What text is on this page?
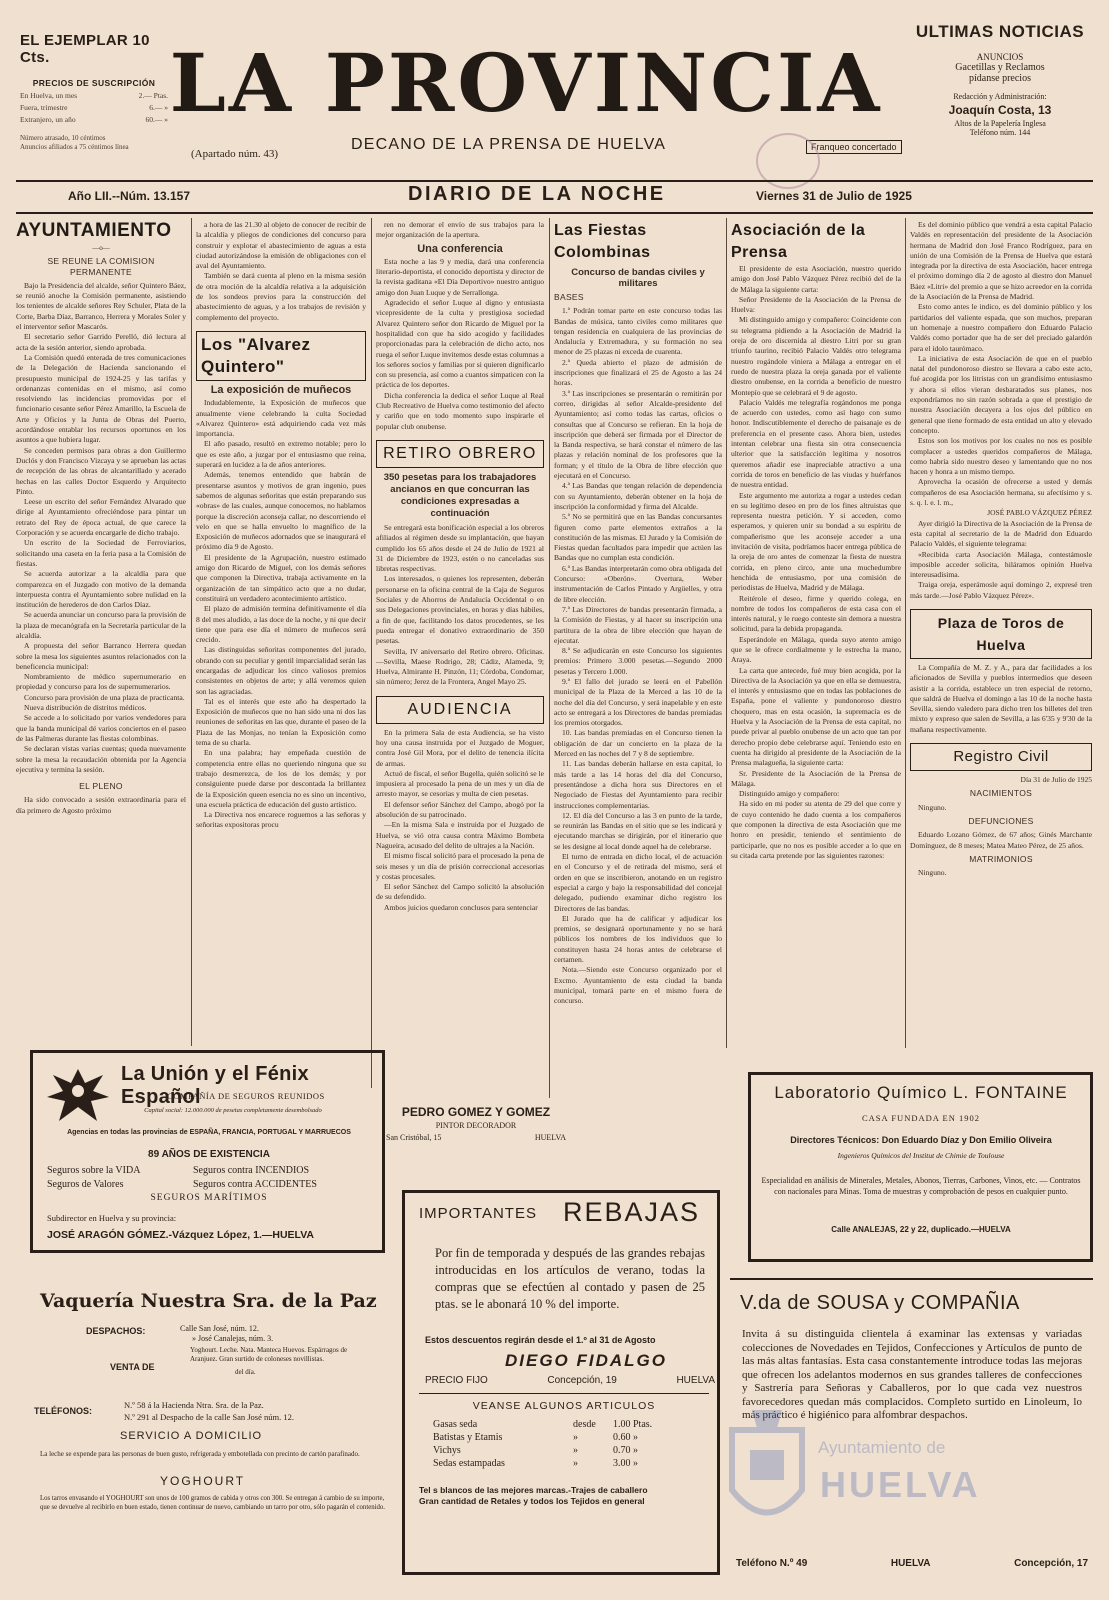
EL EJEMPLAR 10 Cts.
PRECIOS DE SUSCRIPCIÓN
En Huelva, un mes	2.— Ptas.
Fuera, trimestre	6.— »
Extranjero, un año	60.— »
Número atrasado, 10 céntimos
Anuncios afiliados a 75 céntimos línea
LA PROVINCIA
(Apartado núm. 43)
DECANO DE LA PRENSA DE HUELVA	Franqueo concertado
ULTIMAS NOTICIAS
ANUNCIOS
Gacetillas y Reclamos
pídanse precios
Redacción y Administración:
Joaquín Costa, 13
Altos de la Papelería Inglesa
Teléfono núm. 144
Año LII.--Núm. 13.157	DIARIO DE LA NOCHE	Viernes 31 de Julio de 1925
AYUNTAMIENTO
—o—
SE REUNE LA COMISION PERMANENTE

Bajo la Presidencia del alcalde, señor Quintero Báez, se reunió anoche la Comisión permanente, asistiendo los tenientes de alcalde señores Rey Schuler, Plata de la Corte, Barba Díaz, Barranco, Herrera y Morales Soler y el interventor señor Mascarós.

El secretario señor Garrido Perelló, dió lectura al acta de la sesión anterior, siendo aprobada.

La Comisión quedó enterada de tres comunicaciones de la Delegación de Hacienda sancionando el presupuesto municipal de 1924-25 y las tarifas y ordenanzas contenidas en el mismo, así como resolviendo las incidencias promovidas por el funcionario cesante señor Pérez Amarillo, la Escuela de Arte y Oficios y la Junta de Obras del Puerto, acordándose entablar los recursos oportunos en los asuntos a que hubiera lugar.

Se conceden permisos para obras a don Guillermo Duclós y don Francisco Vizcaya y se aprueban las actas de recepción de las obras de alcantarillado y acerado hechas en las calles Doctor Esquerdo y Arquitecto Pinto.

Leese un escrito del señor Fernández Alvarado que dirige al Ayuntamiento ofreciéndose para pintar un retrato del Rey de época actual, de que carece la Corporación y se acuerda encargarle de dicho trabajo.

Un escrito de la Sociedad de Ferroviarios, solicitando una caseta en la feria pasa a la Comisión de fiestas.

Se acuerda autorizar a la alcaldía para que comparezca en el Juzgado con motivo de la demanda interpuesta contra el Ayuntamiento sobre nulidad en la institución de herederos de don Carlos Díaz.

Se acuerda anunciar un concurso para la provisión de la plaza de mecanógrafa en la Secretaría particular de la alcaldía.

A propuesta del señor Barranco Herrera quedan sobre la mesa los siguientes asuntos relacionados con la beneficencia municipal:

Nombramiento de médico supernumerario en propiedad y concurso para los de supernumerarios.

Concurso para provisión de una plaza de practicanta.

Nueva distribución de distritos médicos.

Se accede a lo solicitado por varios vendedores para que la banda municipal dé varios conciertos en el paseo de las Palmeras durante las fiestas colombinas.

Se declaran vistas varias cuentas; queda nuevamente sobre la mesa la recaudación obtenida por la Agencia ejecutiva y termina la sesión.

EL PLENO

Ha sido convocado a sesión extraordinaria para el día primero de Agosto próximo

a hora de las 21.30 al objeto de conocer de recibir de la alcaldía y pliegos de condiciones del concurso para construir y explotar el abastecimiento de aguas a esta ciudad autorizándose la emisión de obligaciones con el aval del Ayuntamiento.

También se dará cuenta al pleno en la misma sesión de otra moción de la alcaldía relativa a la adquisición de los sondeos previos para la construcción del abastecimiento de aguas, y a los trabajos de revisión y complemento del proyecto.

Los "Alvarez Quintero"
La exposición de muñecos

Indudablemente, la Exposición de muñecos que anualmente viene celebrando la culta Sociedad «Alvarez Quintero» está adquiriendo cada vez más importancia.

El año pasado, resultó en extremo notable; pero lo que es este año, a juzgar por el entusiasmo que reina, superará en lucidez a la de años anteriores.

Además, tenemos entendido que habrán de presentarse asuntos y motivos de gran ingenio, pues sabemos de algunas señoritas que están preparando sus «obras» de las cuales, aunque conocemos, no hablamos porque la discreción aconseja callar, no descorriendo el velo en que se halla envuelto lo magnífico de la Exposición de muñecos adornados que se inaugurará el próximo día 9 de Agosto.

El presidente de la Agrupación, nuestro estimado amigo don Ricardo de Miguel, con los demás señores que componen la Directiva, trabaja activamente en la organización de tan simpático acto que a no dudar, constituirá un verdadero acontecimiento artístico.

El plazo de admisión termina definitivamente el día 8 del mes aludido, a las doce de la noche, y ni que decir tiene que para ese día el número de muñecos será crecido.

Las distinguidas señoritas componentes del jurado, obrando con su peculiar y gentil imparcialidad serán las encargadas de adjudicar los cinco valiosos premios consistentes en objetos de arte; y allá veremos quien son las agraciadas.

Tal es el interés que este año ha despertado la Exposición de muñecos que no han sido una ni dos las reuniones de señoritas en las que, durante el paseo de la Plaza de las Monjas, no tenían la Exposición como tema de su charla.

En una palabra; hay empeñada cuestión de competencia entre ellas no queriendo ninguna que su trabajo desmerezca, de los de los demás; y por consiguiente puede darse por descontada la brillantez de la Exposición queen esencia no es sino un incentivo, una escuela práctica de educación del gusto artístico.

La Directiva nos encarece roguemos a las señoras y señoritas expositoras procu

ren no demorar el envío de sus trabajos para la mejor organización de la apertura.

Una conferencia

Esta noche a las 9 y media, dará una conferencia literario-deportista, el conocido deportista y director de la revista gaditana «El Día Deportivo» nuestro antiguo amigo don Juan Luque y de Serrallonga.

Agradecido el señor Luque al digno y entusiasta vicepresidente de la culta y prestigiosa sociedad Alvarez Quintero señor don Ricardo de Miguel por la hospitalidad con que ha sido acogido y facilidades proporcionadas para la celebración de dicho acto, nos ruega el señor Luque invitemos desde estas columnas a los señores socios y familias por si quieren dignificarlo con su presencia, así como a cuantos simpaticen con la práctica de los deportes.

Dicha conferencia la dedica el señor Luque al Real Club Recreativo de Huelva como testimonio del afecto y cariño que en todo momento supo inspirarle el popular club onubense.

RETIRO OBRERO
350 pesetas para los trabajadores ancianos en que concurran las condiciones expresadas a continuación

Se entregará esta bonificación especial a los obreros afiliados al régimen desde su implantación, que hayan cumplido los 65 años desde el 24 de Julio de 1921 al 31 de Diciembre de 1923, estén o no canceladas sus libretas respectivas.

Los interesados, o quienes los representen, deberán personarse en la oficina central de la Caja de Seguros Sociales y de Ahorros de Andalucía Occidental o en sus Delegaciones provinciales, en horas y días hábiles, a fin de que, facilitando los datos procedentes, se les pueda entregar el donativo extraordinario de 350 pesetas.

Sevilla, IV aniversario del Retiro obrero. Oficinas.—Sevilla, Maese Rodrigo, 28; Cádiz, Alameda, 9; Huelva, Almirante H. Pinzón, 11; Córdoba, Condomar, sin número; Jerez de la Frontera, Angel Mayo 25.

AUDIENCIA

En la primera Sala de esta Audiencia, se ha visto hoy una causa instruida por el Juzgado de Moguer, contra José Gil Mora, por el delito de tenencia ilícita de armas.

Actuó de fiscal, el señor Bugella, quién solicitó se le impusiera al procesado la pena de un mes y un día de arresto mayor, se cesorias y multa de cien pesetas.

El defensor señor Sánchez del Campo, abogó por la absolución de su patrocinado.

—En la misma Sala e instruida por el Juzgado de Huelva, se vió otra causa contra Máximo Bombeta Nagueira, acusado del delito de ultrajes a la Nación.

El mismo fiscal solicitó para el procesado la pena de seis meses y un día de prisión correccional accesorias y costas procesales.

El señor Sánchez del Campo solicitó la absolución de su defendido.

Ambos juicios quedaron conclusos para sentenciar

Las Fiestas Colombinas
Concurso de bandas civiles y militares
BASES

1.ª Podrán tomar parte en este concurso todas las Bandas de música, tanto civiles como militares que tengan residencia en cualquiera de las provincias de Andalucía y Extremadura, y su formación no sea menor de 25 plazas ni exceda de cuarenta.

2.ª Queda abierto el plazo de admisión de inscripciones que finalizará el 25 de Agosto a las 24 horas.

3.ª Las inscripciones se presentarán o remitirán por correo, dirigidas al señor Alcalde-presidente del Ayuntamiento; así como todas las cartas, oficios o consultas que al Concurso se refieran. En la hoja de inscripción que deberá ser firmada por el Director de la Banda respectiva, se hará constar el número de las plazas y relación nominal de los profesores que la forman; y el título de la Obra de libre elección que ejecutará en el Concurso.

4.ª Las Bandas que tengan relación de dependencia con su Ayuntamiento, deberán obtener en la hoja de inscripción la conformidad y firma del Alcalde.

5.ª No se permitirá que en las Bandas concursantes figuren como parte elementos extraños a la constitución de las mismas. El Jurado y la Comisión de Fiestas quedan facultados para impedir que actúen las Bandas que no cumplan esta condición.

6.ª Las Bandas interpretarán como obra obligada del Concurso: «Oberón». Overtura, Weber instrumentación de Carlos Pintado y Argüelles, y otra de libre elección.

7.ª Las Directores de bandas presentarán firmada, a la Comisión de Fiestas, y al hacer su inscripción una partitura de la obra de libre elección que hayan de ejecutar.

8.ª Se adjudicarán en este Concurso los siguientes premios: Primero 3.000 pesetas.—Segundo 2000 pesetas y Tercero 1.000.

9.ª El fallo del jurado se leerá en el Pabellón municipal de la Plaza de la Merced a las 10 de la noche del día del Concurso, y será inapelable y en este acto se entregará a los Directores de bandas premiadas los premios otorgados.

10. Las bandas premiadas en el Concurso tienen la obligación de dar un concierto en la plaza de la Merced en las noches del 7 y 8 de septiembre.

11. Las bandas deberán hallarse en esta capital, lo más tarde a las 14 horas del día del Concurso, presentándose a dicha hora sus Directores en el Negociado de Fiestas del Ayuntamiento para recibir instrucciones complementarias.

12. El día del Concurso a las 3 en punto de la tarde, se reunirán las Bandas en el sitio que se les indicará y ejecutando marchas se dirigirán, por el itinerario que se les designe al local donde aquel ha de celebrarse.

El turno de entrada en dicho local, el de actuación en el Concurso y el de retirada del mismo, será el orden en que se inscribieron, anotando en un registro especial a cargo y bajo la responsabilidad del concejal delegado, pudiendo examinar dicho registro los Directores de las bandas.

El Jurado que ha de calificar y adjudicar los premios, se designará oportunamente y no se hará públicos los nombres de los individuos que lo constituyen hasta 24 horas antes de celebrarse el certamen.

Nota.—Siendo este Concurso organizado por el Excmo. Ayuntamiento de esta ciudad la banda municipal, tomará parte en el mismo fuera de concurso.

Asociación de la Prensa

El presidente de esta Asociación, nuestro querido amigo don José Pablo Vázquez Pérez recibió del de la de Málaga la siguiente carta:

Señor Presidente de la Asociación de la Prensa de Huelva:

Mi distinguido amigo y compañero: Coincidente con su telegrama pidiendo a la Asociación de Madrid la oreja de oro discernida al diestro Litri por su gran triunfo taurino, recibió Palacio Valdés otro telegrama nuestro rogándole viniera a Málaga a entregar en el ruedo de nuestra plaza la oreja ganada por el valiente diestro onubense, en la corrida a beneficio de nuestro Montepío que se celebrará el 9 de agosto.

Palacio Valdés me telegrafía rogándonos me ponga de acuerdo con ustedes, como así hago con sumo honor. Indiscutiblemente el derecho de paisanaje es de preferencia en el presente caso. Ahora bien, ustedes intentan celebrar una fiesta sin otra consecuencia ulterior que la satisfacción legítima y nosotros queremos añadir ese inapreciable atractivo a una corrida de toros en beneficio de las viudas y huérfanos de nuestra entidad.

Este argumento me autoriza a rogar a ustedes cedan en su legítimo deseo en pro de los fines altruistas que representa nuestra petición. Y si acceden, como esperamos, y quieren unir su bondad a su espíritu de compañerismo que les aconseje acceder a una invitación de visita, podríamos hacer entrega pública de la oreja de oro antes de comenzar la fiesta de nuestra corrida, en pleno circo, ante una muchedumbre henchida de entusiasmo, por una comisión de periodistas de Huelva, Madrid y de Málaga.

Reitérole el deseo, firme y querido colega, en nombre de todos los compañeros de esta casa con el interés natural, y le ruego conteste sin demora a nuestra solicitud, para la debida propaganda.

Esperándole en Málaga, queda suyo atento amigo que se le ofrece cordialmente y le estrecha la mano, Araya.

La carta que antecede, fué muy bien acogida, por la Directiva de la Asociación ya que en ella se demuestra, el interés y entusiasmo que en todas las poblaciones de España, pone el valiente y pundonoroso diestro choquero, mas en esta ocasión, la supremacía es de Huelva y la Asociación de la Prensa de esta capital, no puede privar al pueblo onubense de un acto que tan por derecho propio debe celebrarse aquí. Teniendo esto en cuenta ha dirigido al presidente de la Asociación de la Prensa malagueña, la siguiente carta:

Sr. Presidente de la Asociación de la Prensa de Málaga.

Distinguido amigo y compañero:

Ha sido en mi poder su atenta de 29 del que corre y de cuyo contenido he dado cuenta a los compañeros que componen la directiva de esta Asociación que me honro en presidir, teniendo el sentimiento de participarle, que no nos es posible acceder a lo que en su citada carta pretende por las siguientes razones:

Es del dominio público que vendrá a esta capital Palacio Valdés en representación del presidente de la Asociación hermana de Madrid don José Franco Rodríguez, para en unión de una Comisión de la Prensa de Huelva que estará integrada por la directiva de esta Asociación, hacer entrega el próximo domingo día 2 de agosto al diestro don Manuel Báez «Litri» del premio a que se hizo acreedor en la corrida de la Asociación de la Prensa de Madrid.

Esto como antes le indico, es del dominio público y los partidarios del valiente espada, que son muchos, preparan un homenaje a nuestro compañero don Eduardo Palacio Valdés como portador que ha de ser del preciado galardón para el ídolo taurómaco.

La iniciativa de esta Asociación de que en el pueblo natal del pundonoroso diestro se llevara a cabo este acto, fué acogida por los litristas con un grandísimo entusiasmo y ahora si ellos vieran desbaratados sus planes, nos expondríamos no sin razón sobrada a que el prestigio de nuestra Asociación decayera a los ojos del público en general que tiene formado de esta entidad un alto y elevado concepto.

Estos son los motivos por los cuales no nos es posible complacer a ustedes queridos compañeros de Málaga, como habría sido nuestro deseo y lamentando que no nos hacen y honra a un mismo tiempo.

Aprovecha la ocasión de ofrecerse a usted y demás compañeros de esa Asociación hermana, su afectísimo y s. s. q. l. e. l. m.,

JOSÉ PABLO VÁZQUEZ PÉREZ

Ayer dirigió la Directiva de la Asociación de la Prensa de esta capital al secretario de la de Madrid don Eduardo Palacio Valdés, el siguiente telegrama:

«Recibida carta Asociación Málaga, contestámosle imposible acceder solicita, hiláramos opinión Huelva intereusadísima.

Traiga oreja, esperámosle aquí domingo 2, expresé tren más tarde.—José Pablo Vázquez Pérez».

Plaza de Toros de Huelva

La Compañía de M. Z. y A., para dar facilidades a los aficionados de Sevilla y pueblos intermedios que deseen asistir a la corrida, establece un tren especial de retorno, que saldrá de Huelva el domingo a las 10 de la noche hasta Sevilla, siendo valedero para dicho tren los billetes del tren mixto y expreso que salen de Sevilla, a las 6'35 y 9'30 de la mañana respectivamente.

Registro Civil
Día 31 de Julio de 1925
NACIMIENTOS

Ninguno.

DEFUNCIONES

Eduardo Lozano Gómez, de 67 años; Ginés Marchante Domínguez, de 8 meses; Matea Mateo Pérez, de 25 años.

MATRIMONIOS

Ninguno.

PEDRO GOMEZ Y GOMEZ
PINTOR DECORADOR
San Cristóbal, 15	HUELVA
La Unión y el Fénix Español
COMPAÑÍA DE SEGUROS REUNIDOS
Capital social: 12.000.000 de pesetas completamente desembolsado
Agencias en todas las provincias de ESPAÑA, FRANCIA, PORTUGAL Y MARRUECOS
89 AÑOS DE EXISTENCIA
Seguros sobre la VIDA	Seguros contra INCENDIOS
Seguros de Valores	Seguros contra ACCIDENTES
SEGUROS MARÍTIMOS
Subdirector en Huelva y su provincia:
JOSÉ ARAGÓN GÓMEZ.-Vázquez López, 1.—HUELVA
Vaquería Nuestra Sra. de la Paz
DESPACHOS:	Calle San José, núm. 12.
» José Canalejas, núm. 3.
VENTA DE
Yoghourt. Leche. Nata. Manteca Huevos. Espárragos de Aranjuez. Gran surtido de coloneses novillistas.
del día.
TELÉFONOS:
N.º 58 á la Hacienda Ntra. Sra. de la Paz.
N.º 291 al Despacho de la calle San José núm. 12.
SERVICIO A DOMICILIO
La leche se expende para las personas de buen gusto, refrigerada y embotellada con precinto de cartón parafinado.
YOGHOURT
Los tarros envasando el YOGHOURT son unos de 100 gramos de cabida y otros con 300. Se entregan á cambio de su importe, que se devuelve al recibirlo en buen estado, tienen continuar de nuevo, cambiando un tarro por otro, sólo pagarán el contenido.
IMPORTANTES REBAJAS
Por fin de temporada y después de las grandes rebajas introducidas en los artículos de verano, todas la compras que se efectúen al contado y pasen de 25 ptas. se le abonará 10 % del importe.
Estos descuentos regirán desde el 1.º al 31 de Agosto
DIEGO FIDALGO
PRECIO FIJO	Concepción, 19	HUELVA
VEANSE ALGUNOS ARTICULOS
Gasas seda	desde	1.00 Ptas.
Batistas y Etamis	»	0.60 »
Vichys	»	0.70 »
Sedas estampadas	»	3.00 »
Tel s blancos de las mejores marcas.-Trajes de caballero
Gran cantidad de Retales y todos los Tejidos en general
Laboratorio Químico L. FONTAINE
CASA FUNDADA EN 1902
Directores Técnicos: Don Eduardo Díaz y Don Emilio Oliveira
Ingenieros Químicos del Institut de Chimie de Toulouse
Especialidad en análisis de Minerales, Metales, Abonos, Tierras, Carbones, Vinos, etc. — Contratos con nacionales para Minas. Toma de muestras y comprobación de pesos en cualquier punto.
Calle ANALEJAS, 22 y 22, duplicado.—HUELVA
V.da de SOUSA y COMPAÑIA
Invita á su distinguida clientela á examinar las extensas y variadas colecciones de Novedades en Tejidos, Confecciones y Artículos de punto de las más altas fantasías. Esta casa constantemente introduce todas las mejoras que ofrecen los adelantos modernos en sus grandes talleres de confecciones y Sastrería para Señoras y Caballeros, por lo que cada vez nuestros favorecedores quedan más complacidos. Completo surtido en Linoleum, lo más práctico é higiénico para alfombrar despachos.
Teléfono N.º 49	HUELVA	Concepción, 17
Ayuntamiento de
HUELVA
